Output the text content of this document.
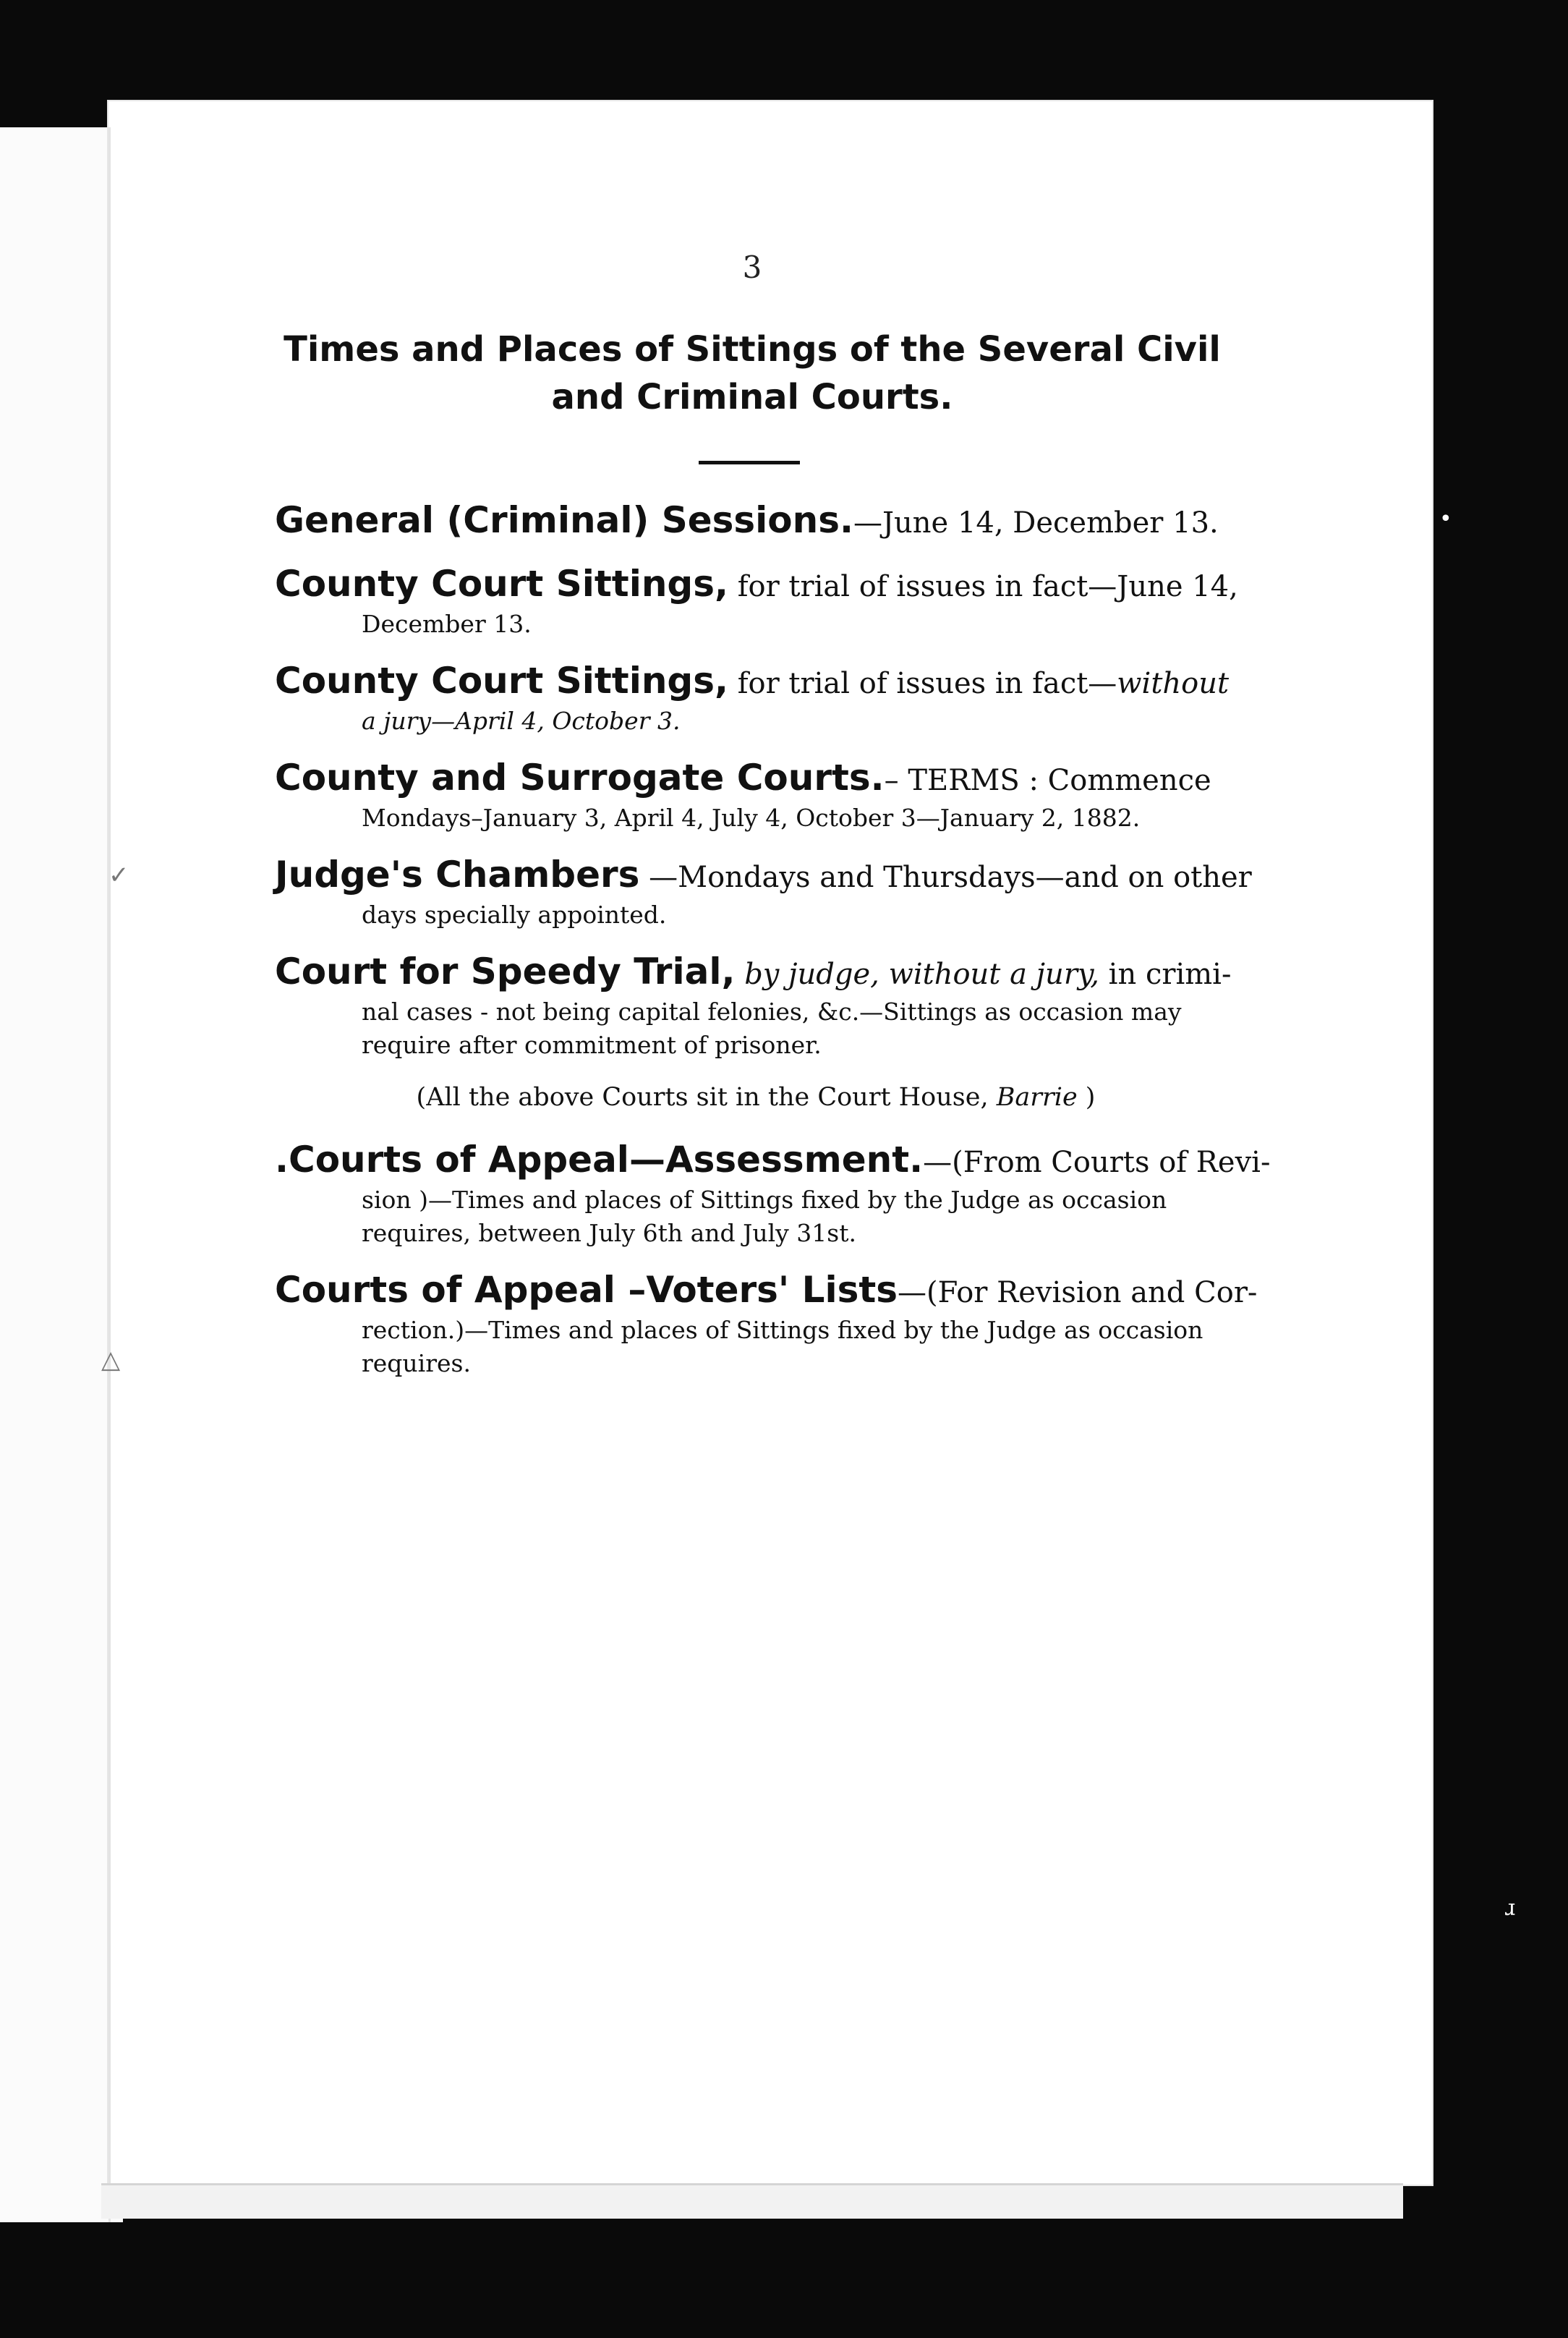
3
Times and Places of Sittings of the Several Civil
and Criminal Courts.
General (Criminal) Sessions.—June 14, December 13.
County Court Sittings, for trial of issues in fact—June 14,
December 13.
County Court Sittings, for trial of issues in fact—without
a jury—April 4, October 3.
County and Surrogate Courts.– TERMS : Commence
Mondays–January 3, April 4, July 4, October 3—January 2, 1882.
Judge's Chambers —Mondays and Thursdays—and on other
days specially appointed.
Court for Speedy Trial, by judge, without a jury, in crimi-
nal cases - not being capital felonies, &c.—Sittings as occasion may require after commitment of prisoner.
(All the above Courts sit in the Court House, Barrie )
.Courts of Appeal—Assessment.—(From Courts of Revi-
sion )—Times and places of Sittings fixed by the Judge as occasion requires, between July 6th and July 31st.
Courts of Appeal –Voters' Lists—(For Revision and Cor-
rection.)—Times and places of Sittings fixed by the Judge as occasion requires.
✓
△
•
ɹ
